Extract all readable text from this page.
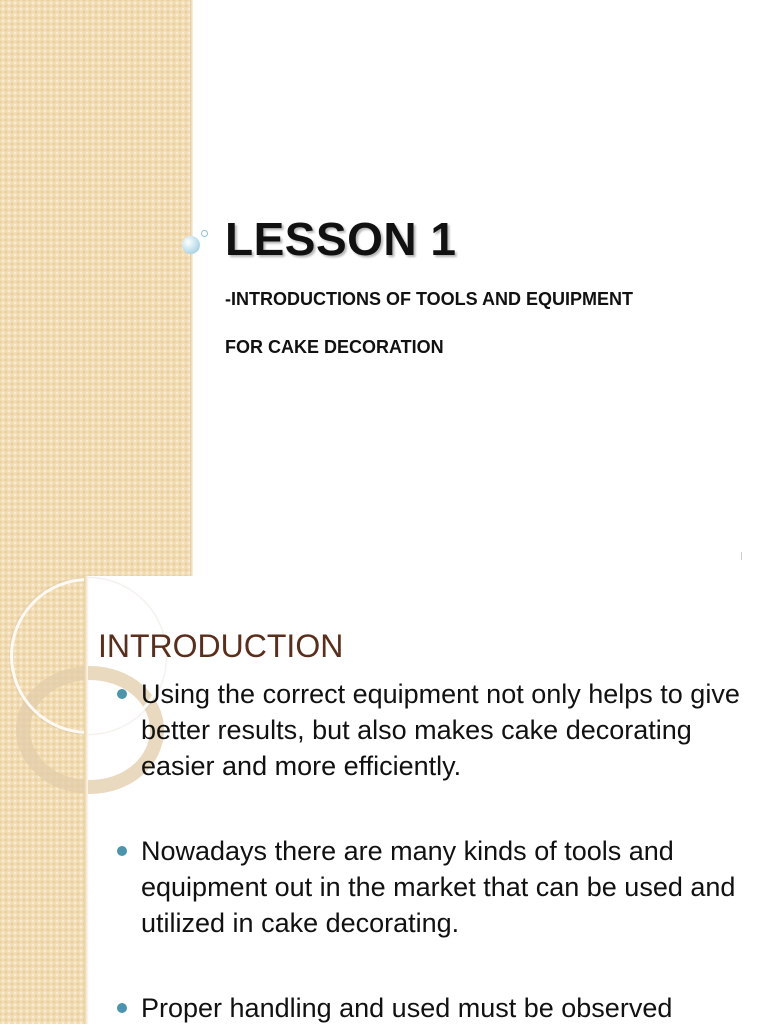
LESSON 1

-INTRODUCTIONS OF TOOLS AND EQUIPMENT

FOR CAKE DECORATION

INTRODUCTION
Using the correct equipment not only helps to give better results, but also makes cake decorating easier and more efficiently.
Nowadays there are many kinds of tools and equipment out in the market that can be used and utilized in cake decorating.
Proper handling and used must be observed
